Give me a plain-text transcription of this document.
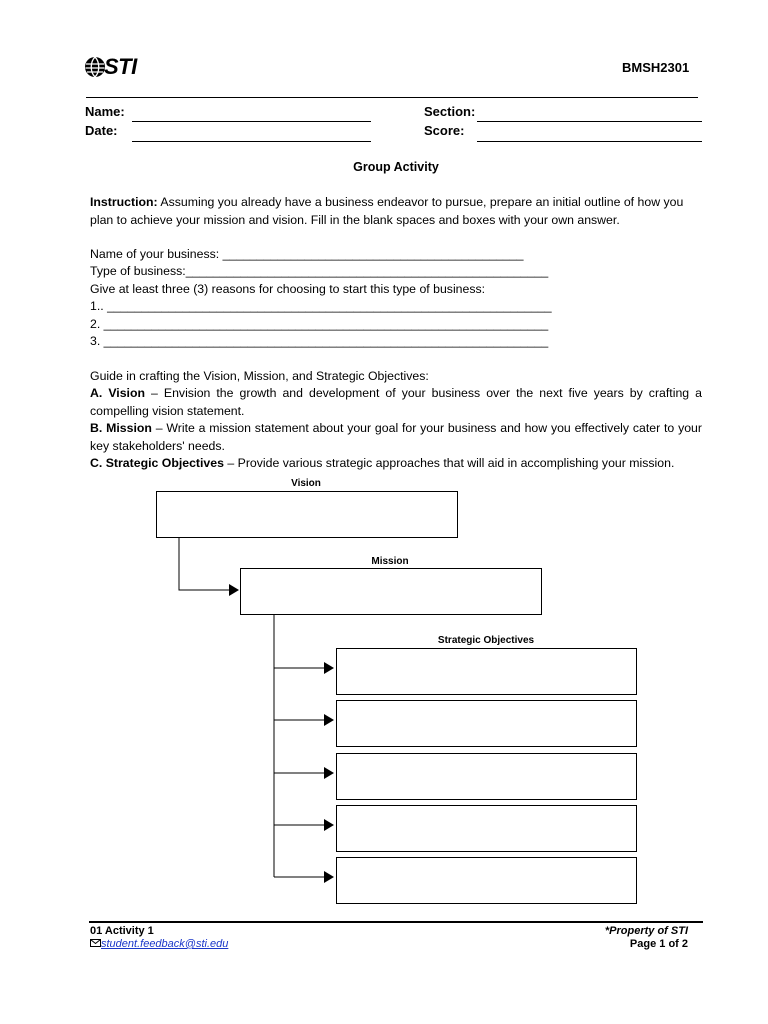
STI	BMSH2301
Name:
Date:
Section:
Score:
Group Activity
Instruction: Assuming you already have a business endeavor to pursue, prepare an initial outline of how you plan to achieve your mission and vision. Fill in the blank spaces and boxes with your own answer.
Name of your business: ____________________________________________
Type of business:_____________________________________________________
Give at least three (3) reasons for choosing to start this type of business:
1.. _________________________________________________________________
2. _________________________________________________________________
3. _________________________________________________________________
Guide in crafting the Vision, Mission, and Strategic Objectives:
A. Vision – Envision the growth and development of your business over the next five years by crafting a compelling vision statement.
B. Mission – Write a mission statement about your goal for your business and how you effectively cater to your key stakeholders' needs.
C. Strategic Objectives – Provide various strategic approaches that will aid in accomplishing your mission.
Vision
Mission
Strategic Objectives
01 Activity 1
student.feedback@sti.edu
*Property of STI
Page 1 of 2
